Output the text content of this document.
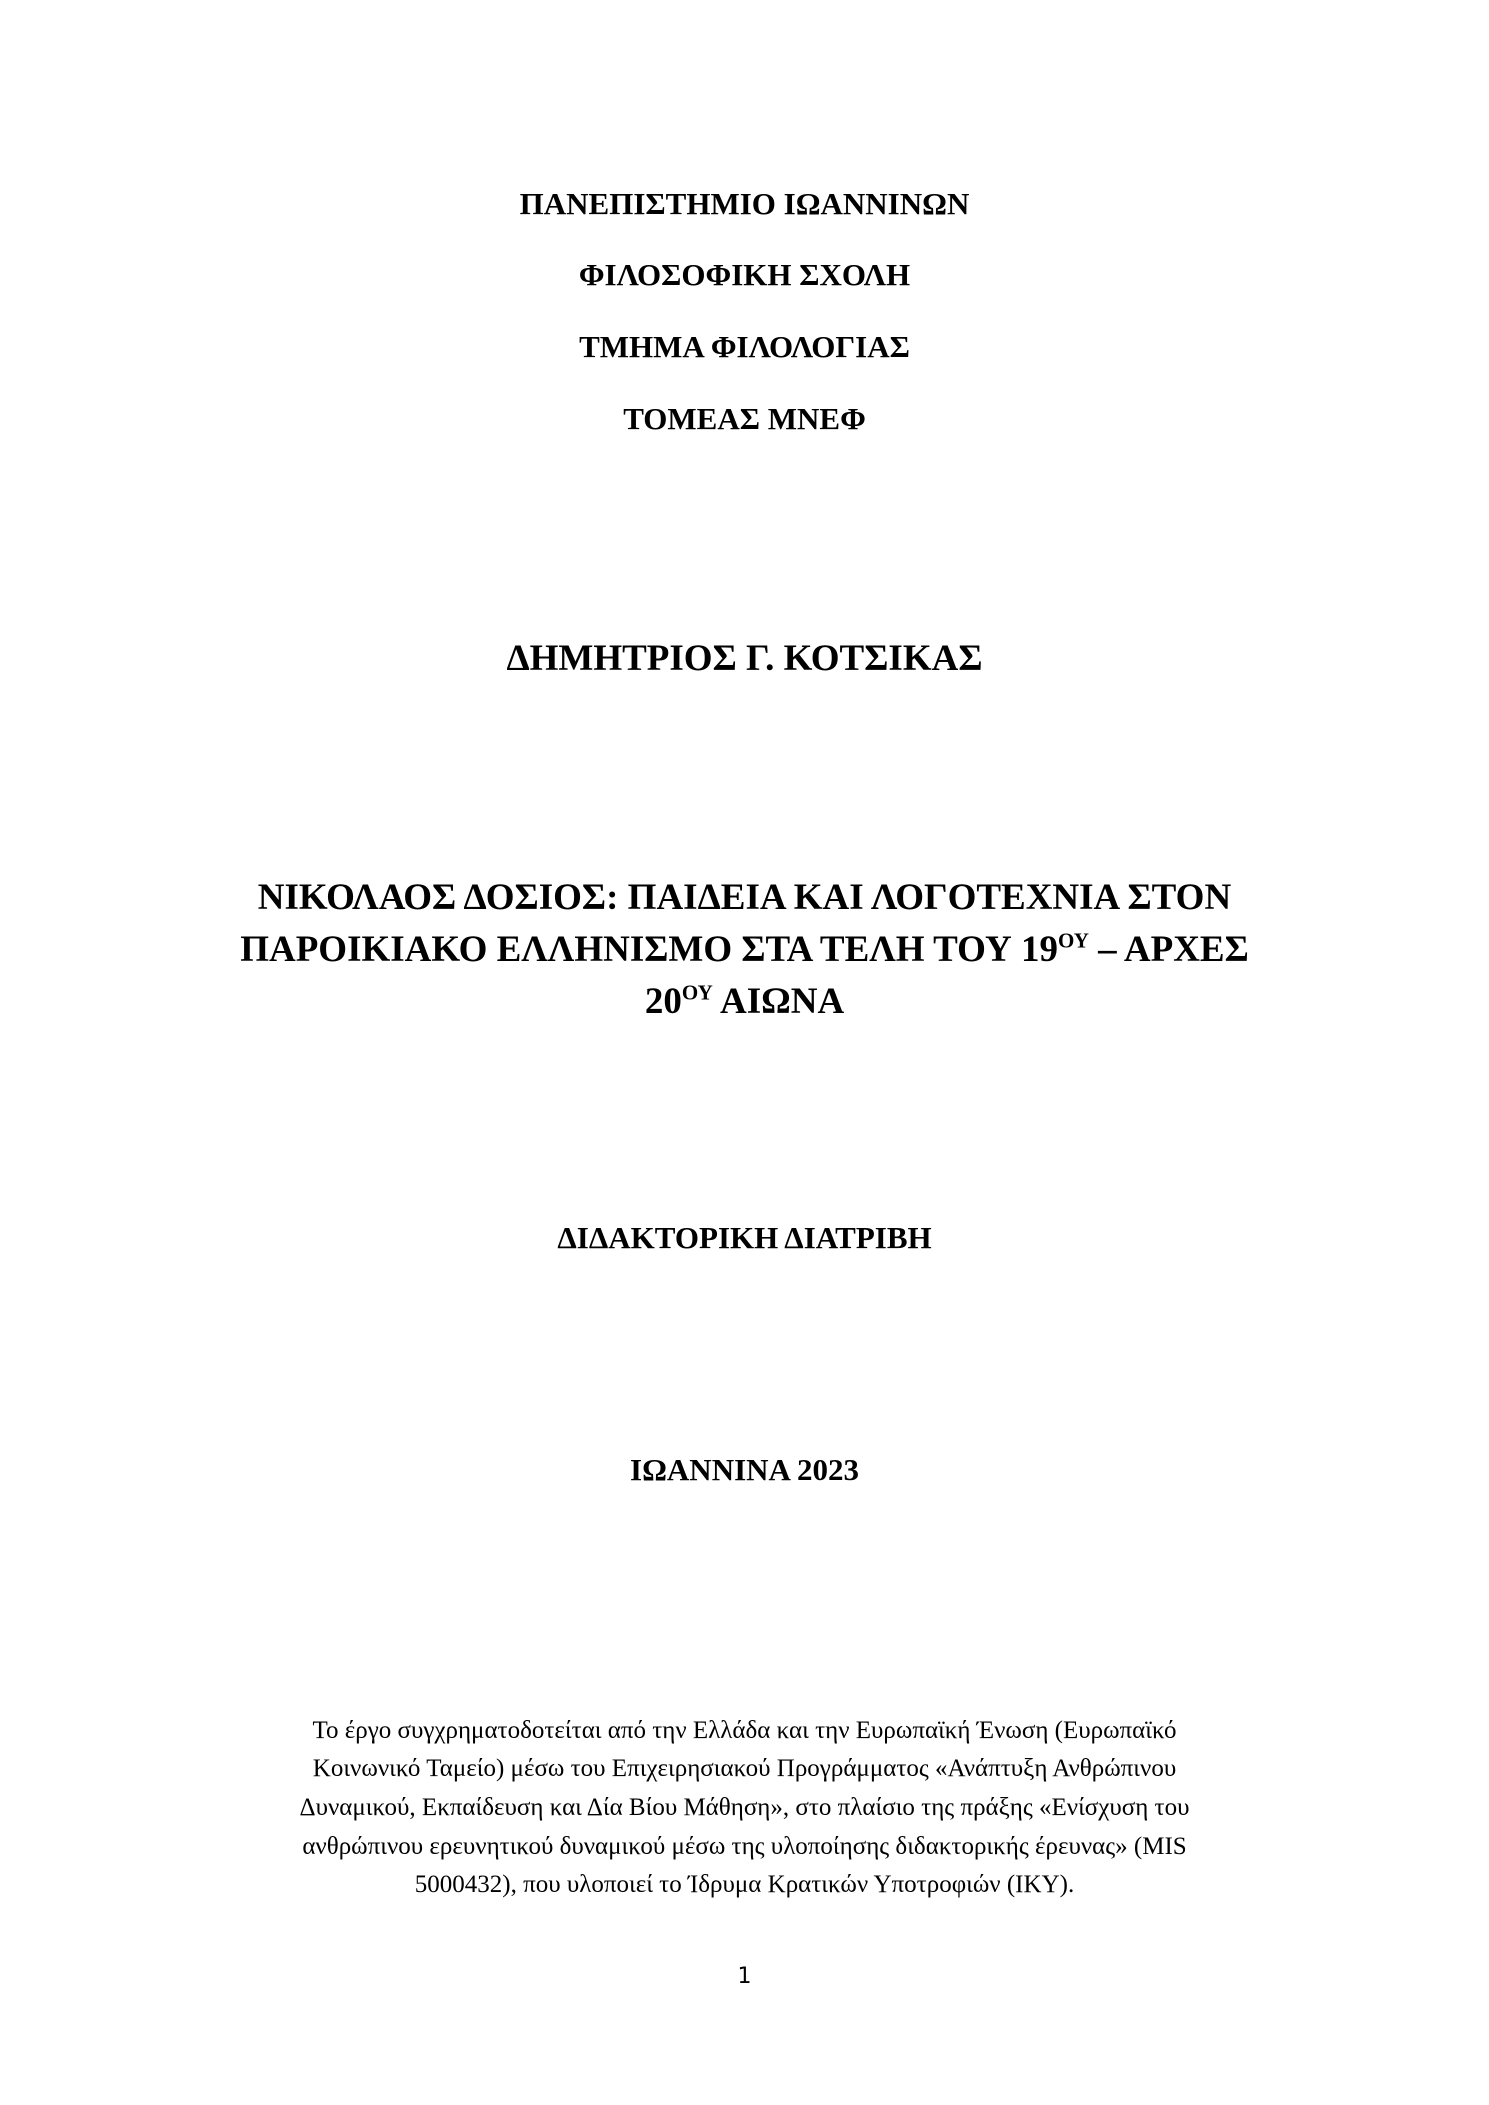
ΠΑΝΕΠΙΣΤΗΜΙΟ ΙΩΑΝΝΙΝΩΝ
ΦΙΛΟΣΟΦΙΚΗ ΣΧΟΛΗ
ΤΜΗΜΑ ΦΙΛΟΛΟΓΙΑΣ
ΤΟΜΕΑΣ ΜΝΕΦ
ΔΗΜΗΤΡΙΟΣ Γ. ΚΟΤΣΙΚΑΣ
ΝΙΚΟΛΑΟΣ ΔΟΣΙΟΣ: ΠΑΙΔΕΙΑ ΚΑΙ ΛΟΓΟΤΕΧΝΙΑ ΣΤΟΝ
ΠΑΡΟΙΚΙΑΚΟ ΕΛΛΗΝΙΣΜΟ ΣΤΑ ΤΕΛΗ ΤΟΥ $19^{O\Upsilon}$ – ΑΡΧΕΣ
$20^{O\Upsilon}$ ΑΙΩΝΑ
ΔΙΔΑΚΤΟΡΙΚΗ ΔΙΑΤΡΙΒΗ
ΙΩΑΝΝΙΝΑ 2023
Το έργο συγχρηματοδοτείται από την Ελλάδα και την Ευρωπαϊκή Ένωση (Ευρωπαϊκό
Κοινωνικό Ταμείο) μέσω του Επιχειρησιακού Προγράμματος «Ανάπτυξη Ανθρώπινου
Δυναμικού, Εκπαίδευση και Δία Βίου Μάθηση», στο πλαίσιο της πράξης «Ενίσχυση του
ανθρώπινου ερευνητικού δυναμικού μέσω της υλοποίησης διδακτορικής έρευνας» (MIS
5000432), που υλοποιεί το Ίδρυμα Κρατικών Υποτροφιών (ΙΚΥ).
1
